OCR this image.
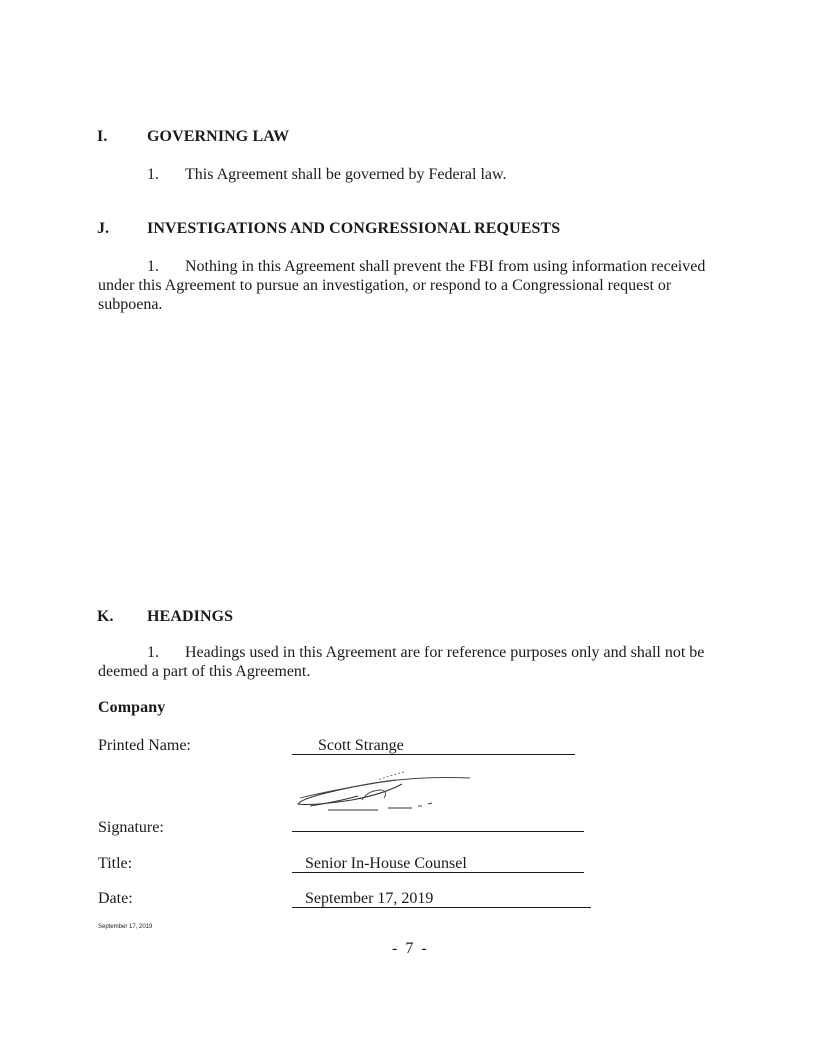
I. GOVERNING LAW
1. This Agreement shall be governed by Federal law.
J. INVESTIGATIONS AND CONGRESSIONAL REQUESTS
1. Nothing in this Agreement shall prevent the FBI from using information received
under this Agreement to pursue an investigation, or respond to a Congressional request or
subpoena.
K. HEADINGS
1. Headings used in this Agreement are for reference purposes only and shall not be
deemed a part of this Agreement.
Company
Printed Name:	Scott Strange
Signature:
Title:	Senior In-House Counsel
Date:	September 17, 2019
September 17, 2019
- 7 -
